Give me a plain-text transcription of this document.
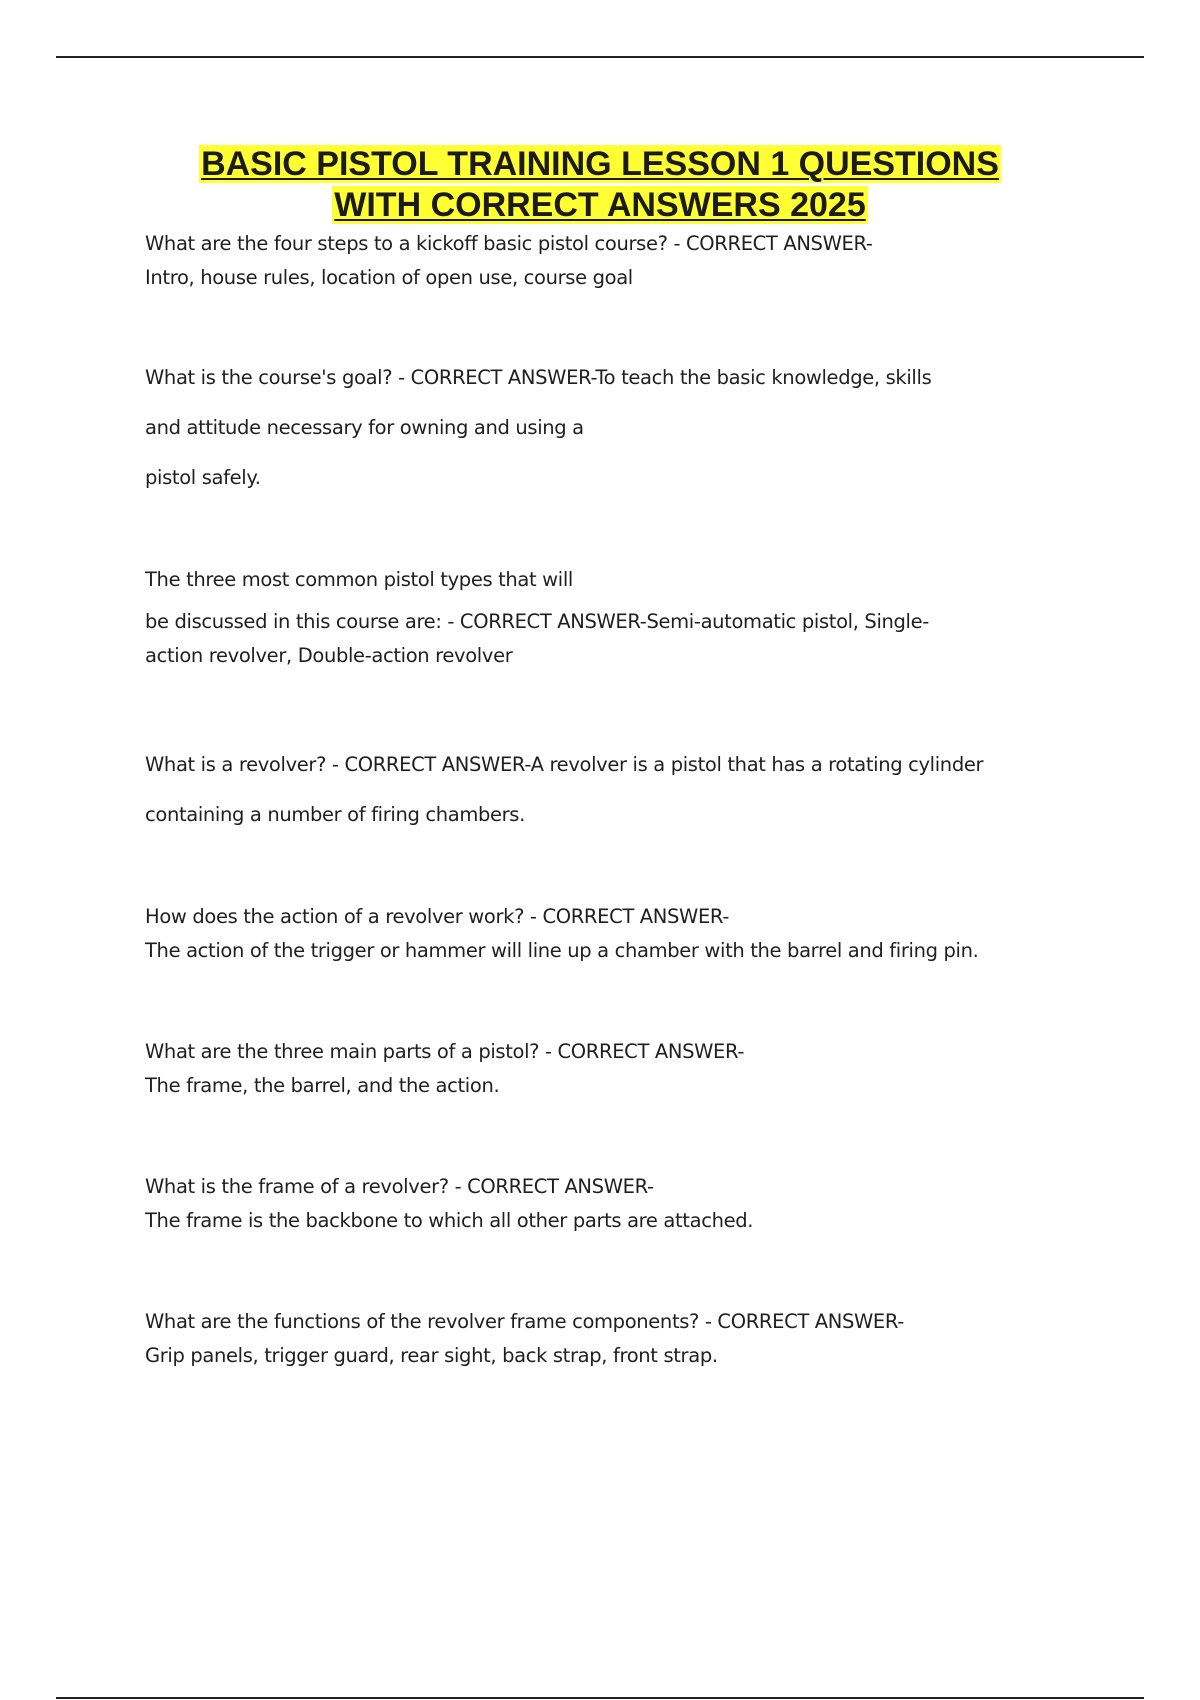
BASIC PISTOL TRAINING LESSON 1 QUESTIONS
WITH CORRECT ANSWERS 2025

What are the four steps to a kickoff basic pistol course? - CORRECT ANSWER-

Intro, house rules, location of open use, course goal

What is the course's goal? - CORRECT ANSWER-To teach the basic knowledge, skills

and attitude necessary for owning and using a

pistol safely.

The three most common pistol types that will

be discussed in this course are: - CORRECT ANSWER-Semi-automatic pistol, Single-

action revolver, Double-action revolver

What is a revolver? - CORRECT ANSWER-A revolver is a pistol that has a rotating cylinder

containing a number of firing chambers.

How does the action of a revolver work? - CORRECT ANSWER-

The action of the trigger or hammer will line up a chamber with the barrel and firing pin.

What are the three main parts of a pistol? - CORRECT ANSWER-

The frame, the barrel, and the action.

What is the frame of a revolver? - CORRECT ANSWER-

The frame is the backbone to which all other parts are attached.

What are the functions of the revolver frame components? - CORRECT ANSWER-

Grip panels, trigger guard, rear sight, back strap, front strap.
